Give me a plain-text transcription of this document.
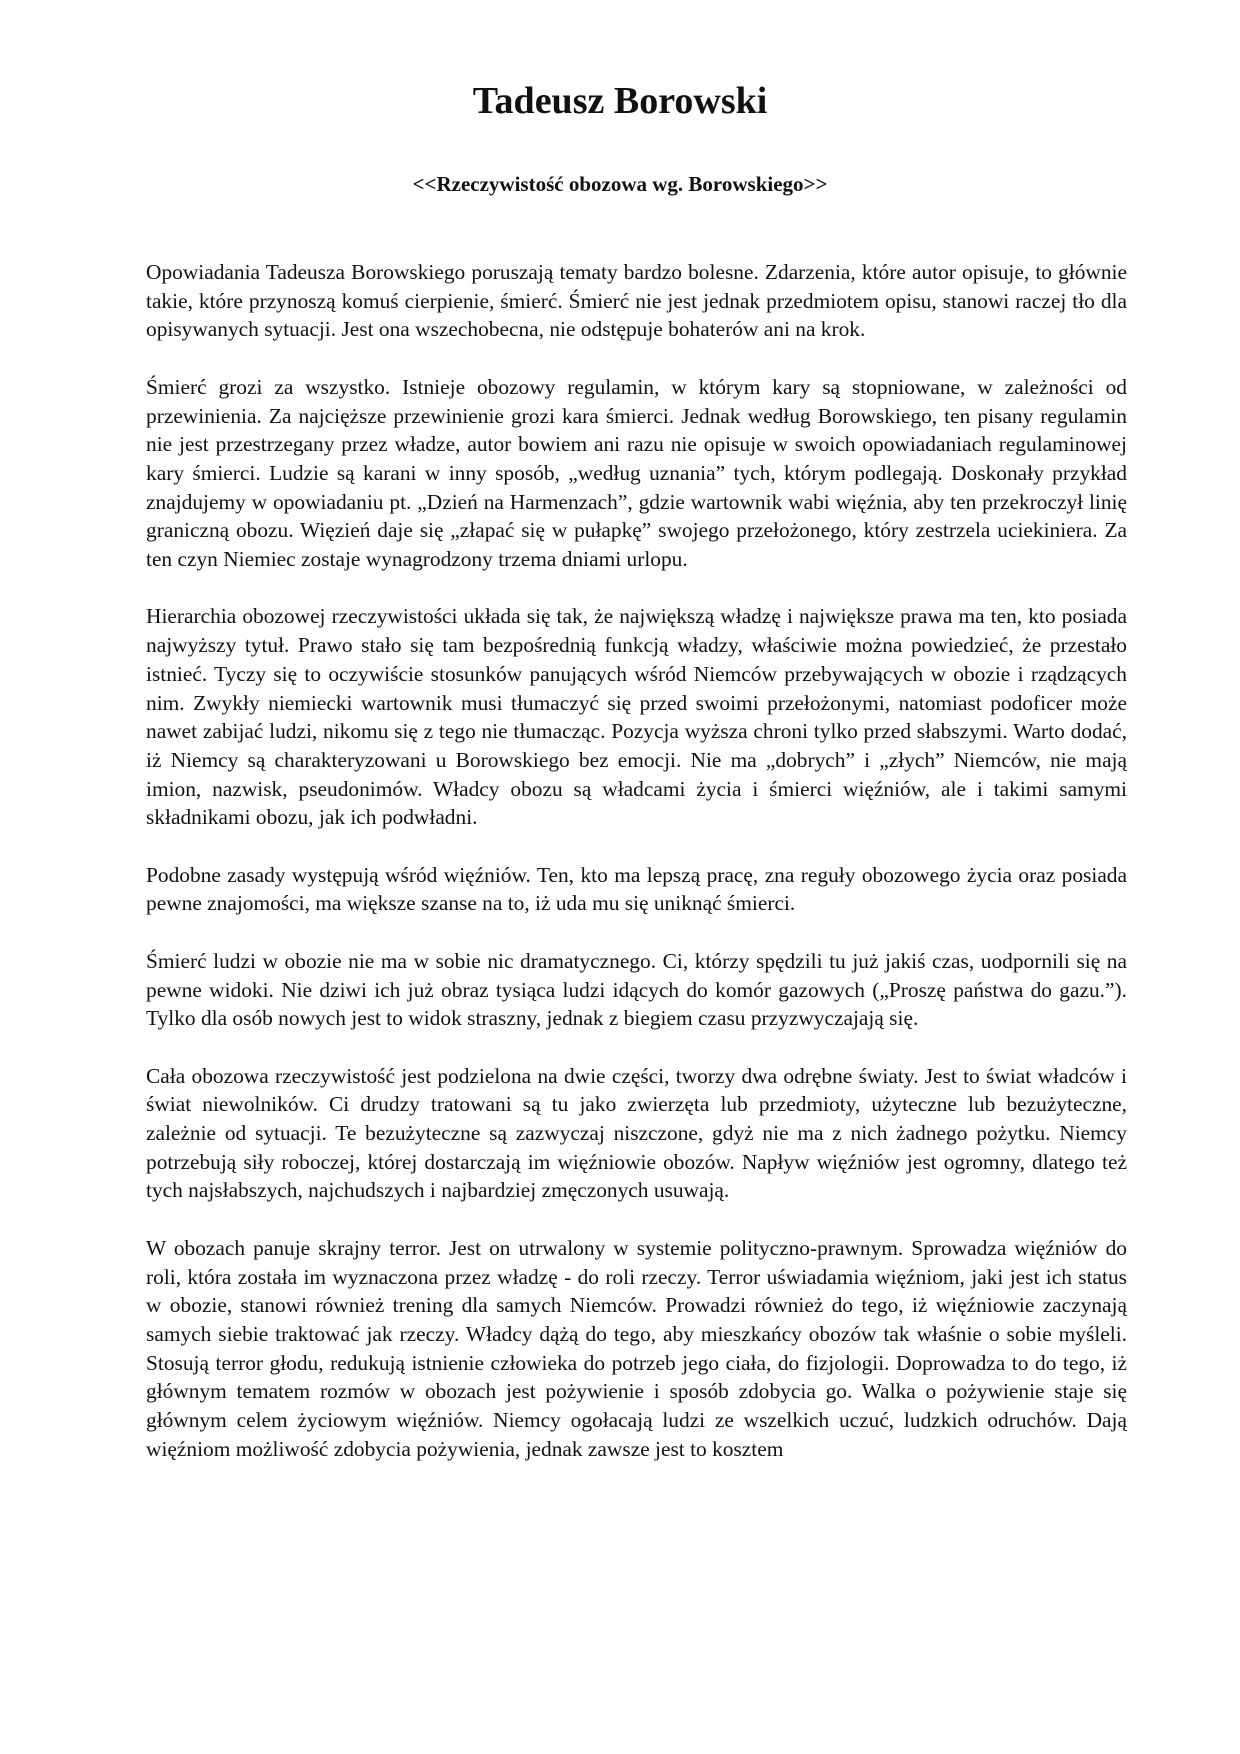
Tadeusz Borowski
<<Rzeczywistość obozowa wg. Borowskiego>>

Opowiadania Tadeusza Borowskiego poruszają tematy bardzo bolesne. Zdarzenia, które autor opisuje, to głównie takie, które przynoszą komuś cierpienie, śmierć. Śmierć nie jest jednak przedmiotem opisu, stanowi raczej tło dla opisywanych sytuacji. Jest ona wszechobecna, nie odstępuje bohaterów ani na krok.

Śmierć grozi za wszystko. Istnieje obozowy regulamin, w którym kary są stopniowane, w zależności od przewinienia. Za najcięższe przewinienie grozi kara śmierci. Jednak według Borowskiego, ten pisany regulamin nie jest przestrzegany przez władze, autor bowiem ani razu nie opisuje w swoich opowiadaniach regulaminowej kary śmierci. Ludzie są karani w inny sposób, „według uznania” tych, którym podlegają. Doskonały przykład znajdujemy w opowiadaniu pt. „Dzień na Harmenzach”, gdzie wartownik wabi więźnia, aby ten przekroczył linię graniczną obozu. Więzień daje się „złapać się w pułapkę” swojego przełożonego, który zestrzela uciekiniera. Za ten czyn Niemiec zostaje wynagrodzony trzema dniami urlopu.

Hierarchia obozowej rzeczywistości układa się tak, że największą władzę i największe prawa ma ten, kto posiada najwyższy tytuł. Prawo stało się tam bezpośrednią funkcją władzy, właściwie można powiedzieć, że przestało istnieć. Tyczy się to oczywiście stosunków panujących wśród Niemców przebywających w obozie i rządzących nim. Zwykły niemiecki wartownik musi tłumaczyć się przed swoimi przełożonymi, natomiast podoficer może nawet zabijać ludzi, nikomu się z tego nie tłumacząc. Pozycja wyższa chroni tylko przed słabszymi. Warto dodać, iż Niemcy są charakteryzowani u Borowskiego bez emocji. Nie ma „dobrych” i „złych” Niemców, nie mają imion, nazwisk, pseudonimów. Władcy obozu są władcami życia i śmierci więźniów, ale i takimi samymi składnikami obozu, jak ich podwładni.

Podobne zasady występują wśród więźniów. Ten, kto ma lepszą pracę, zna reguły obozowego życia oraz posiada pewne znajomości, ma większe szanse na to, iż uda mu się uniknąć śmierci.

Śmierć ludzi w obozie nie ma w sobie nic dramatycznego. Ci, którzy spędzili tu już jakiś czas, uodpornili się na pewne widoki. Nie dziwi ich już obraz tysiąca ludzi idących do komór gazowych („Proszę państwa do gazu.”). Tylko dla osób nowych jest to widok straszny, jednak z biegiem czasu przyzwyczajają się.

Cała obozowa rzeczywistość jest podzielona na dwie części, tworzy dwa odrębne światy. Jest to świat władców i świat niewolników. Ci drudzy tratowani są tu jako zwierzęta lub przedmioty, użyteczne lub bezużyteczne, zależnie od sytuacji. Te bezużyteczne są zazwyczaj niszczone, gdyż nie ma z nich żadnego pożytku. Niemcy potrzebują siły roboczej, której dostarczają im więźniowie obozów. Napływ więźniów jest ogromny, dlatego też tych najsłabszych, najchudszych i najbardziej zmęczonych usuwają.

W obozach panuje skrajny terror. Jest on utrwalony w systemie polityczno-prawnym. Sprowadza więźniów do roli, która została im wyznaczona przez władzę - do roli rzeczy. Terror uświadamia więźniom, jaki jest ich status w obozie, stanowi również trening dla samych Niemców. Prowadzi również do tego, iż więźniowie zaczynają samych siebie traktować jak rzeczy. Władcy dążą do tego, aby mieszkańcy obozów tak właśnie o sobie myśleli. Stosują terror głodu, redukują istnienie człowieka do potrzeb jego ciała, do fizjologii. Doprowadza to do tego, iż głównym tematem rozmów w obozach jest pożywienie i sposób zdobycia go. Walka o pożywienie staje się głównym celem życiowym więźniów. Niemcy ogołacają ludzi ze wszelkich uczuć, ludzkich odruchów. Dają więźniom możliwość zdobycia pożywienia, jednak zawsze jest to kosztem
